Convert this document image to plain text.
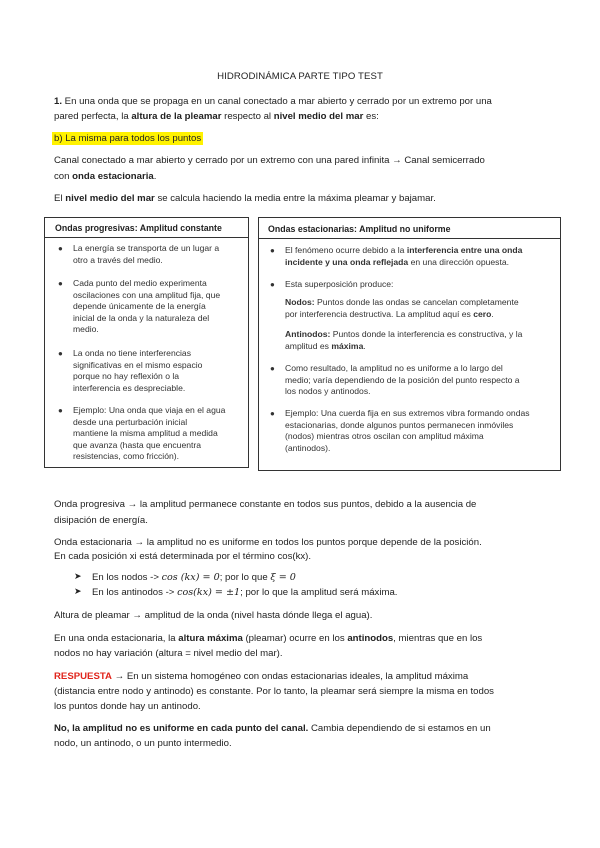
HIDRODINÁMICA PARTE TIPO TEST
1. En una onda que se propaga en un canal conectado a mar abierto y cerrado por un extremo por una
pared perfecta, la altura de la pleamar respecto al nivel medio del mar es:
b) La misma para todos los puntos
Canal conectado a mar abierto y cerrado por un extremo con una pared infinita → Canal semicerrado
con onda estacionaria.
El nivel medio del mar se calcula haciendo la media entre la máxima pleamar y bajamar.
Ondas progresivas: Amplitud constante
● La energía se transporta de un lugar a
otro a través del medio.
● Cada punto del medio experimenta
oscilaciones con una amplitud fija, que
depende únicamente de la energía
inicial de la onda y la naturaleza del
medio.
● La onda no tiene interferencias
significativas en el mismo espacio
porque no hay reflexión o la
interferencia es despreciable.
● Ejemplo: Una onda que viaja en el agua
desde una perturbación inicial
mantiene la misma amplitud a medida
que avanza (hasta que encuentra
resistencias, como fricción).
Ondas estacionarias: Amplitud no uniforme
● El fenómeno ocurre debido a la interferencia entre una onda
incidente y una onda reflejada en una dirección opuesta.
● Esta superposición produce:
Nodos: Puntos donde las ondas se cancelan completamente
por interferencia destructiva. La amplitud aquí es cero.
Antinodos: Puntos donde la interferencia es constructiva, y la
amplitud es máxima.
● Como resultado, la amplitud no es uniforme a lo largo del
medio; varía dependiendo de la posición del punto respecto a
los nodos y antinodos.
● Ejemplo: Una cuerda fija en sus extremos vibra formando ondas
estacionarias, donde algunos puntos permanecen inmóviles
(nodos) mientras otros oscilan con amplitud máxima
(antinodos).
Onda progresiva → la amplitud permanece constante en todos sus puntos, debido a la ausencia de
disipación de energía.
Onda estacionaria → la amplitud no es uniforme en todos los puntos porque depende de la posición.
En cada posición xi está determinada por el término cos(kx).
➤ En los nodos -> cos (kx) = 0; por lo que ξ = 0
➤ En los antinodos -> cos(kx) = ±1; por lo que la amplitud será máxima.
Altura de pleamar → amplitud de la onda (nivel hasta dónde llega el agua).
En una onda estacionaria, la altura máxima (pleamar) ocurre en los antinodos, mientras que en los
nodos no hay variación (altura = nivel medio del mar).
RESPUESTA → En un sistema homogéneo con ondas estacionarias ideales, la amplitud máxima
(distancia entre nodo y antinodo) es constante. Por lo tanto, la pleamar será siempre la misma en todos
los puntos donde hay un antinodo.
No, la amplitud no es uniforme en cada punto del canal. Cambia dependiendo de si estamos en un
nodo, un antinodo, o un punto intermedio.
